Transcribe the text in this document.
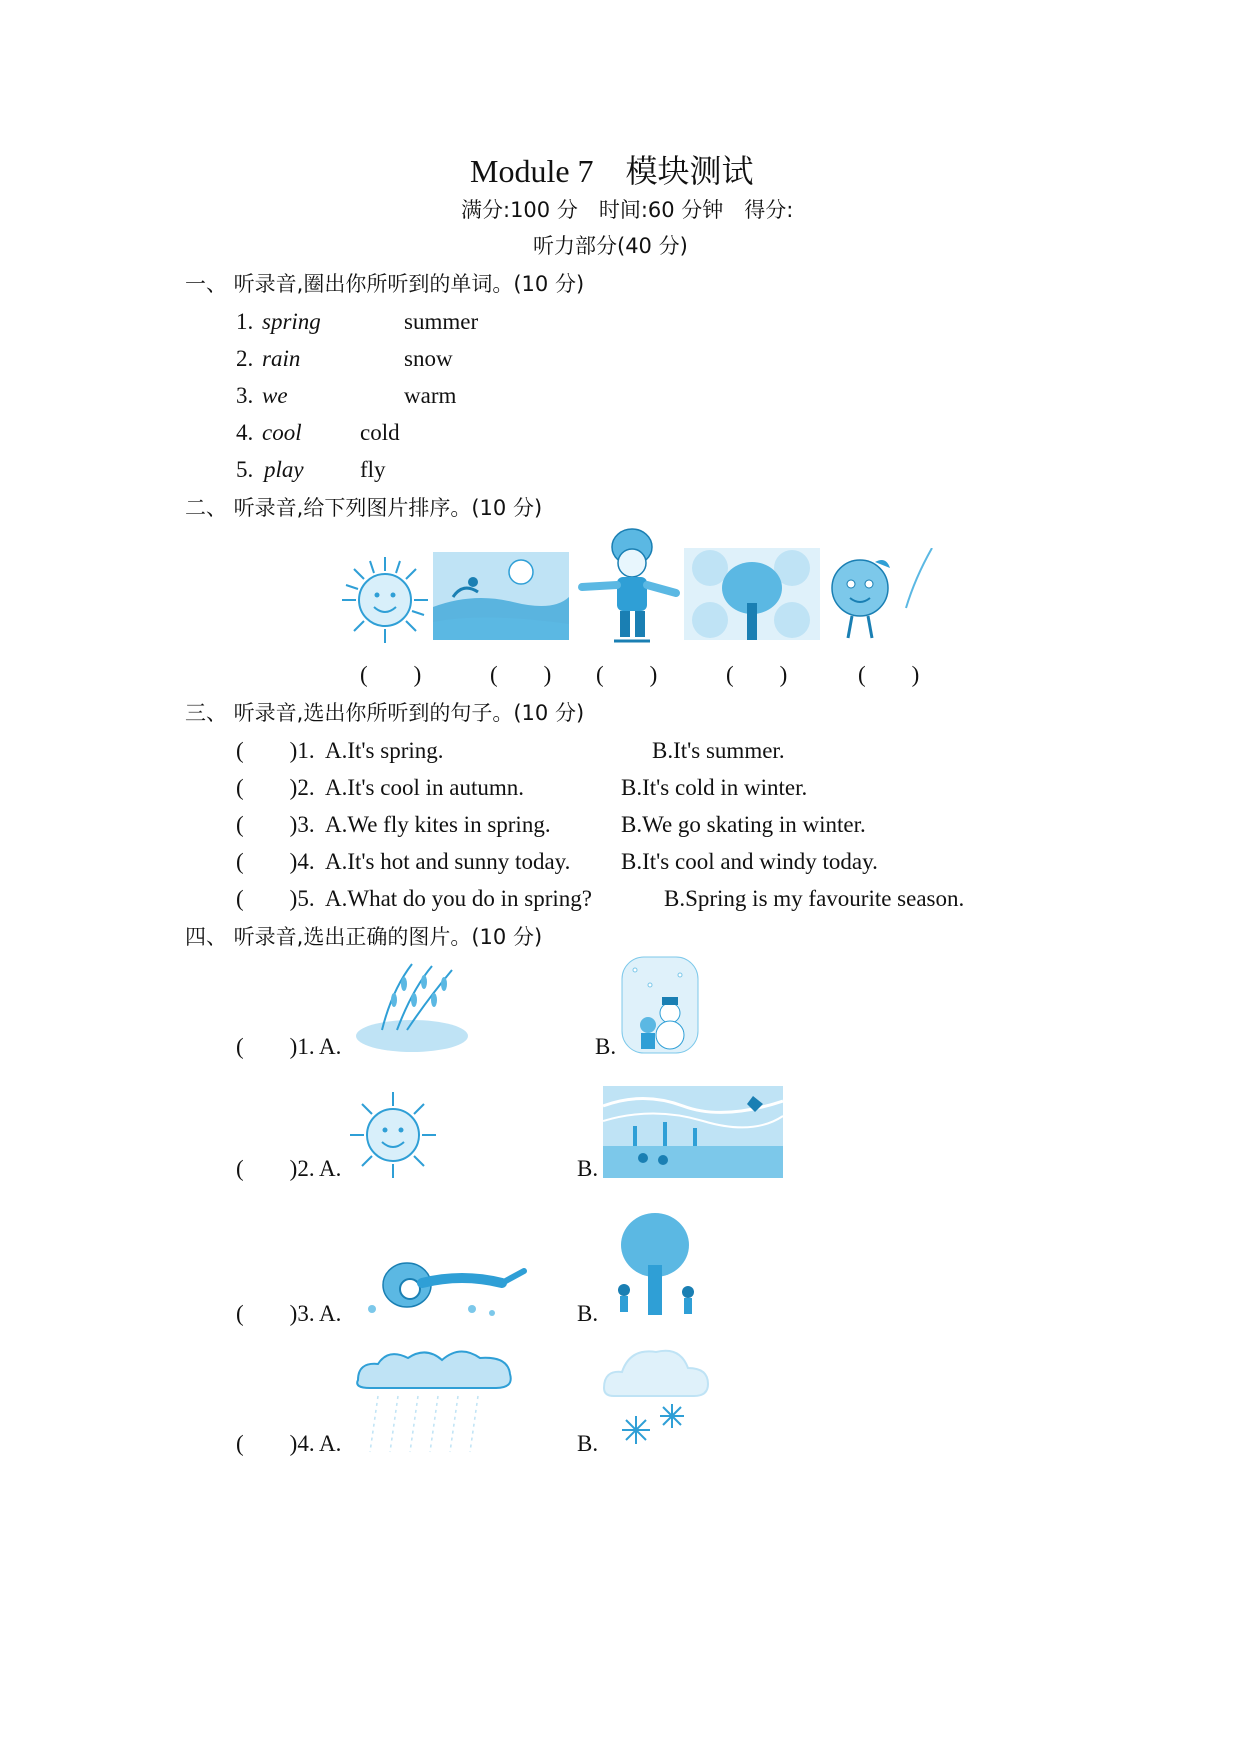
Module 7　模块测试
满分:100 分　时间:60 分钟　得分:
听力部分(40 分)
一、 听录音,圈出你所听到的单词。(10 分)
1. spring	summer
2. rain	snow
3. we	warm
4. cool	cold
5. play fly
二、 听录音,给下列图片排序。(10 分)
(　　)	(　　) (　　)	(　　)	(　　)
三、 听录音,选出你所听到的句子。(10 分)
(　　)1. A.It's spring.	B.It's summer.
(　　)2. A.It's cool in autumn.	B.It's cold in winter.
(　　)3. A.We fly kites in spring.	B.We go skating in winter.
(　　)4. A.It's hot and sunny today. B.It's cool and windy today.
(　　)5. A.What do you do in spring?	B.Spring is my favourite season.
四、 听录音,选出正确的图片。(10 分)
(　　)1. A.	B.
(　　)2. A.	B.
(　　)3. A.	B.
(　　)4. A.	B.
